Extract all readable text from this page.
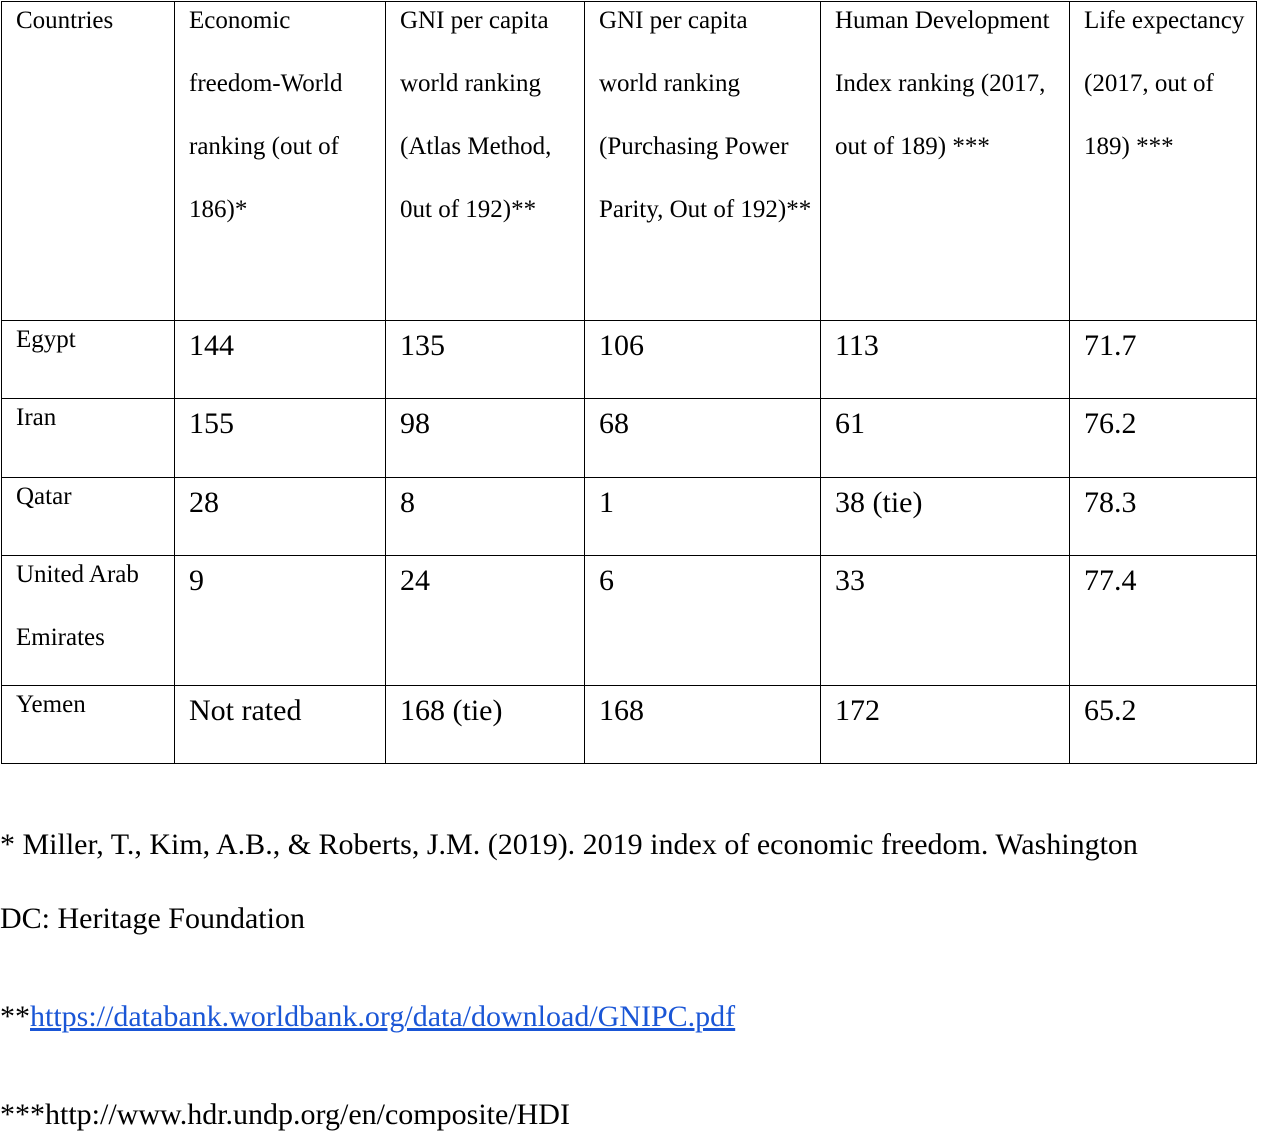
Countries	Economic freedom-World ranking (out of 186)*	GNI per capita world ranking (Atlas Method, 0ut of 192)**	GNI per capita world ranking (Purchasing Power Parity, Out of 192)**	Human Development Index ranking (2017, out of 189) ***	Life expectancy (2017, out of 189) ***

Egypt	144	135	106	113	71.7

Iran	155	98	68	61	76.2

Qatar	28	8	1	38 (tie)	78.3

United Arab Emirates	9	24	6	33	77.4

Yemen	Not rated	168 (tie)	168	172	65.2
* Miller, T., Kim, A.B., & Roberts, J.M. (2019). 2019 index of economic freedom. Washington
DC: Heritage Foundation
**https://databank.worldbank.org/data/download/GNIPC.pdf
***http://www.hdr.undp.org/en/composite/HDI
